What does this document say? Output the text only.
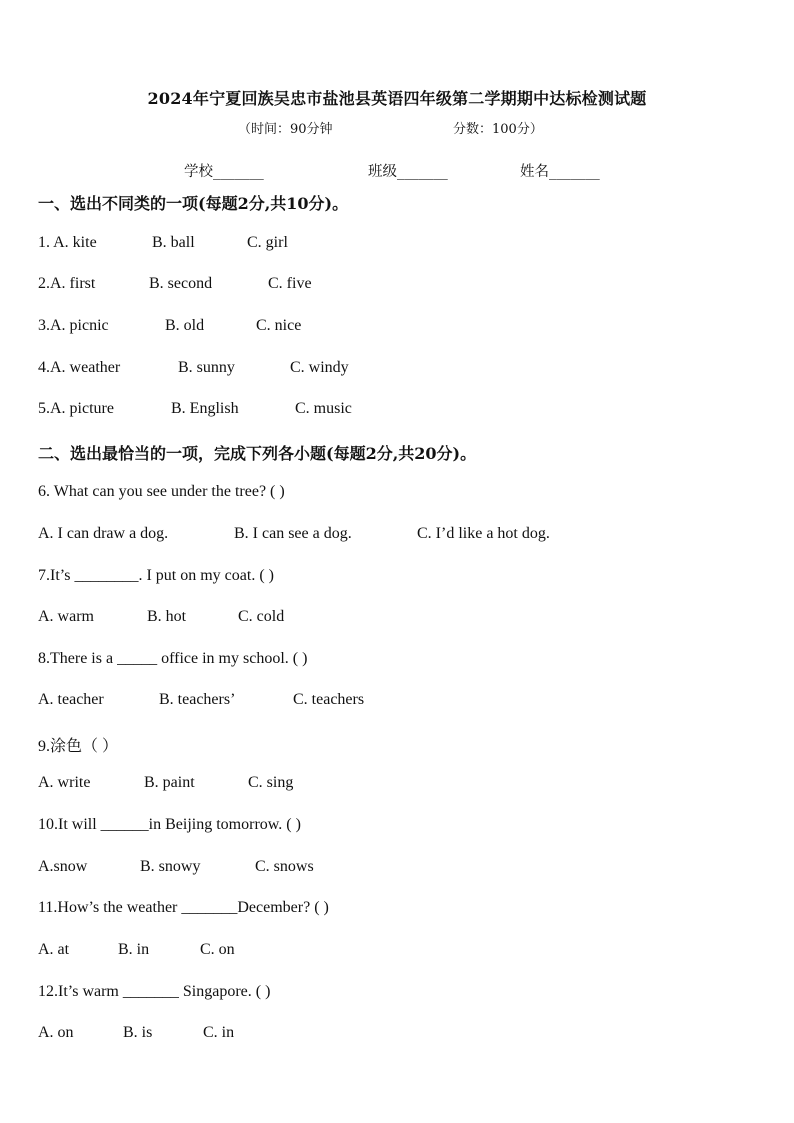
2024年宁夏回族吴忠市盐池县英语四年级第二学期期中达标检测试题
（时间：90分钟	分数：100分）
学校_______	班级_______	姓名_______
一、选出不同类的一项(每题2分,共10分)。
1. A. kite	B. ball	C. girl
2.A. first	B. second	C. five
3.A. picnic	B. old	C. nice
4.A. weather	B. sunny	C. windy
5.A. picture	B. English	C. music
二、选出最恰当的一项，完成下列各小题(每题2分,共20分)。
6. What can you see under the tree? ( )
A. I can draw a dog.	B. I can see a dog.	C. I’d like a hot dog.
7.It’s ________. I put on my coat. ( )
A. warm	B. hot	C. cold
8.There is a _____ office in my school. ( )
A. teacher	B. teachers’	C. teachers
9.涂色（ ）
A. write	B. paint	C. sing
10.It will ______in Beijing tomorrow. ( )
A.snow	B. snowy	C. snows
11.How’s the weather _______December? ( )
A. at	B. in	C. on
12.It’s warm _______ Singapore. ( )
A. on	B. is	C. in
